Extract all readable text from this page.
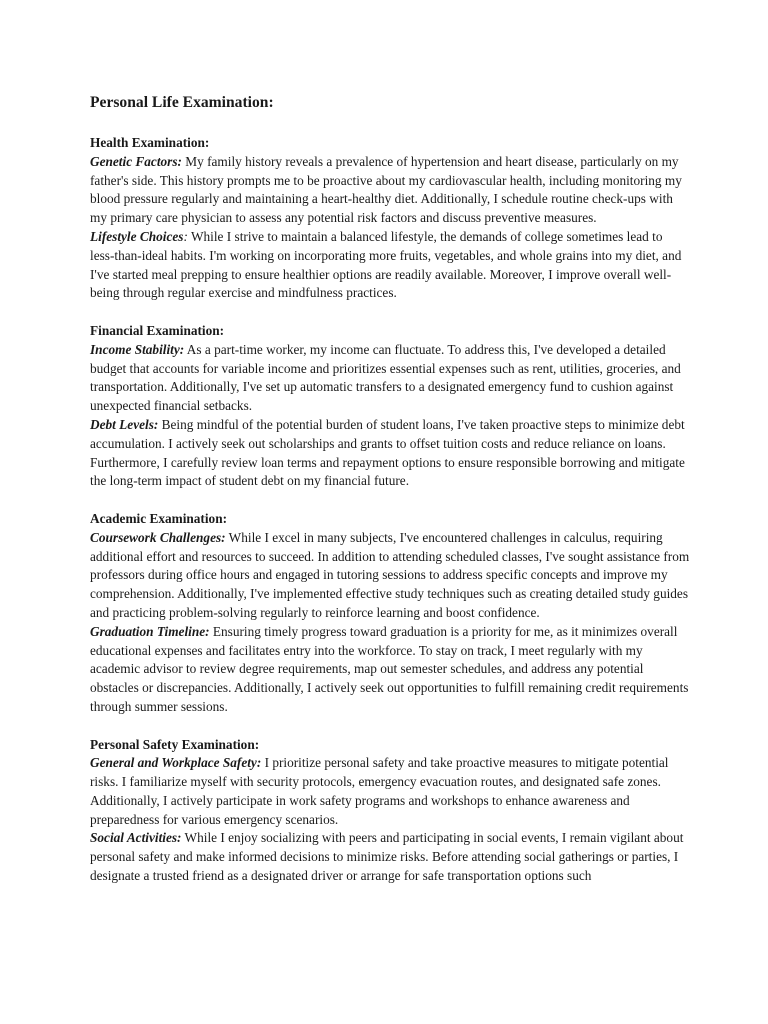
Personal Life Examination:
Health Examination:

Genetic Factors: My family history reveals a prevalence of hypertension and heart disease, particularly on my father's side. This history prompts me to be proactive about my cardiovascular health, including monitoring my blood pressure regularly and maintaining a heart-healthy diet. Additionally, I schedule routine check-ups with my primary care physician to assess any potential risk factors and discuss preventive measures.

Lifestyle Choices: While I strive to maintain a balanced lifestyle, the demands of college sometimes lead to less-than-ideal habits. I'm working on incorporating more fruits, vegetables, and whole grains into my diet, and I've started meal prepping to ensure healthier options are readily available. Moreover, I improve overall well-being through regular exercise and mindfulness practices.

Financial Examination:

Income Stability: As a part-time worker, my income can fluctuate. To address this, I've developed a detailed budget that accounts for variable income and prioritizes essential expenses such as rent, utilities, groceries, and transportation. Additionally, I've set up automatic transfers to a designated emergency fund to cushion against unexpected financial setbacks.

Debt Levels: Being mindful of the potential burden of student loans, I've taken proactive steps to minimize debt accumulation. I actively seek out scholarships and grants to offset tuition costs and reduce reliance on loans. Furthermore, I carefully review loan terms and repayment options to ensure responsible borrowing and mitigate the long-term impact of student debt on my financial future.

Academic Examination:

Coursework Challenges: While I excel in many subjects, I've encountered challenges in calculus, requiring additional effort and resources to succeed. In addition to attending scheduled classes, I've sought assistance from professors during office hours and engaged in tutoring sessions to address specific concepts and improve my comprehension. Additionally, I've implemented effective study techniques such as creating detailed study guides and practicing problem-solving regularly to reinforce learning and boost confidence.

Graduation Timeline: Ensuring timely progress toward graduation is a priority for me, as it minimizes overall educational expenses and facilitates entry into the workforce. To stay on track, I meet regularly with my academic advisor to review degree requirements, map out semester schedules, and address any potential obstacles or discrepancies. Additionally, I actively seek out opportunities to fulfill remaining credit requirements through summer sessions.

Personal Safety Examination:

General and Workplace Safety: I prioritize personal safety and take proactive measures to mitigate potential risks. I familiarize myself with security protocols, emergency evacuation routes, and designated safe zones. Additionally, I actively participate in work safety programs and workshops to enhance awareness and preparedness for various emergency scenarios.

Social Activities: While I enjoy socializing with peers and participating in social events, I remain vigilant about personal safety and make informed decisions to minimize risks. Before attending social gatherings or parties, I designate a trusted friend as a designated driver or arrange for safe transportation options such
